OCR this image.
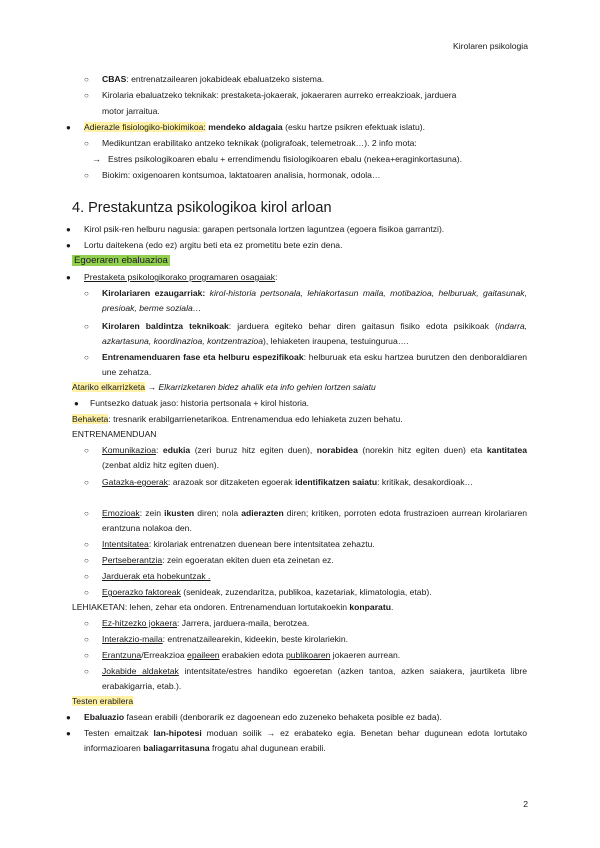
Kirolaren psikologia
○ CBAS: entrenatzailearen jokabideak ebaluatzeko sistema.
○ Kirolaria ebaluatzeko teknikak: prestaketa-jokaerak, jokaeraren aurreko erreakzioak, jarduera
motor jarraitua.
● Adierazle fisiologiko-biokimikoa: mendeko aldagaia (esku hartze psikren efektuak islatu).
○ Medikuntzan erabilitako antzeko teknikak (poligrafoak, telemetroak…). 2 info mota:
→ Estres psikologikoaren ebalu + errendimendu fisiologikoaren ebalu (nekea+eraginkortasuna).
○ Biokim: oxigenoaren kontsumoa, laktatoaren analisia, hormonak, odola…
4. Prestakuntza psikologikoa kirol arloan
● Kirol psik-ren helburu nagusia: garapen pertsonala lortzen laguntzea (egoera fisikoa garrantzi).
● Lortu daitekena (edo ez) argitu beti eta ez prometitu bete ezin dena.
Egoeraren ebaluazioa
● Prestaketa psikologikorako programaren osagaiak:
○ Kirolariaren ezaugarriak: kirol-historia pertsonala, lehiakortasun maila, motibazioa, helburuak, gaitasunak, presioak, berme soziala…
○ Kirolaren baldintza teknikoak: jarduera egiteko behar diren gaitasun fisiko edota psikikoak (indarra, azkartasuna, koordinazioa, kontzentrazioa), lehiaketen iraupena, testuingurua….
○ Entrenamenduaren fase eta helburu espezifikoak: helburuak eta esku hartzea burutzen den denboraldiaren une zehatza.
Atariko elkarrizketa → Elkarrizketaren bidez ahalik eta info gehien lortzen saiatu
● Funtsezko datuak jaso: historia pertsonala + kirol historia.
Behaketa: tresnarik erabilgarrienetarikoa. Entrenamendua edo lehiaketa zuzen behatu.
ENTRENAMENDUAN
○ Komunikazioa: edukia (zeri buruz hitz egiten duen), norabidea (norekin hitz egiten duen) eta kantitatea (zenbat aldiz hitz egiten duen).
○ Gatazka-egoerak: arazoak sor ditzaketen egoerak identifikatzen saiatu: kritikak, desakordioak…
○ Emozioak: zein ikusten diren; nola adierazten diren; kritiken, porroten edota frustrazioen aurrean kirolariaren erantzuna nolakoa den.
○ Intentsitatea: kirolariak entrenatzen duenean bere intentsitatea zehaztu.
○ Pertseberantzia: zein egoeratan ekiten duen eta zeinetan ez.
○ Jarduerak eta hobekuntzak .
○ Egoerazko faktoreak (senideak, zuzendaritza, publikoa, kazetariak, klimatologia, etab).
LEHIAKETAN: lehen, zehar eta ondoren. Entrenamenduan lortutakoekin konparatu.
○ Ez-hitzezko jokaera: Jarrera, jarduera-maila, berotzea.
○ Interakzio-maila: entrenatzailearekin, kideekin, beste kirolariekin.
○ Erantzuna/Erreakzioa epaileen erabakien edota publikoaren jokaeren aurrean.
○ Jokabide aldaketak intentsitate/estres handiko egoeretan (azken tantoa, azken saiakera, jaurtiketa libre erabakigarria, etab.).
Testen erabilera
● Ebaluazio fasean erabili (denborarik ez dagoenean edo zuzeneko behaketa posible ez bada).
● Testen emaitzak lan-hipotesi moduan soilik → ez erabateko egia. Benetan behar dugunean edota lortutako informazioaren baliagarritasuna frogatu ahal dugunean erabili.
2
